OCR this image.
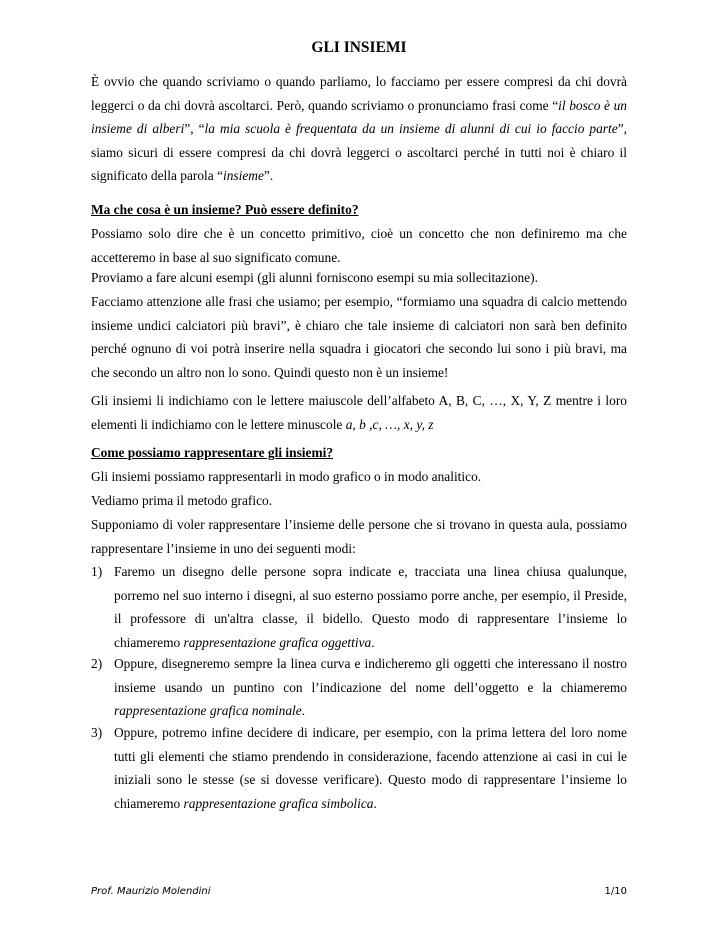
GLI INSIEMI
È ovvio che quando scriviamo o quando parliamo, lo facciamo per essere compresi da chi dovrà leggerci o da chi dovrà ascoltarci. Però, quando scriviamo o pronunciamo frasi come “il bosco è un insieme di alberi”, “la mia scuola è frequentata da un insieme di alunni di cui io faccio parte”, siamo sicuri di essere compresi da chi dovrà leggerci o ascoltarci perché in tutti noi è chiaro il significato della parola “insieme”.
Ma che cosa è un insieme? Può essere definito?
Possiamo solo dire che è un concetto primitivo, cioè un concetto che non definiremo ma che accetteremo in base al suo significato comune.
Proviamo a fare alcuni esempi (gli alunni forniscono esempi su mia sollecitazione).
Facciamo attenzione alle frasi che usiamo; per esempio, “formiamo una squadra di calcio mettendo insieme undici calciatori più bravi”, è chiaro che tale insieme di calciatori non sarà ben definito perché ognuno di voi potrà inserire nella squadra i giocatori che secondo lui sono i più bravi, ma che secondo un altro non lo sono. Quindi questo non è un insieme!
Gli insiemi li indichiamo con le lettere maiuscole dell’alfabeto A, B, C, …, X, Y, Z mentre i loro elementi li indichiamo con le lettere minuscole a, b ,c, …, x, y, z
Come possiamo rappresentare gli insiemi?
Gli insiemi possiamo rappresentarli in modo grafico o in modo analitico.
Vediamo prima il metodo grafico.
Supponiamo di voler rappresentare l’insieme delle persone che si trovano in questa aula, possiamo rappresentare l’insieme in uno dei seguenti modi:
1) Faremo un disegno delle persone sopra indicate e, tracciata una linea chiusa qualunque, porremo nel suo interno i disegni, al suo esterno possiamo porre anche, per esempio, il Preside, il professore di un'altra classe, il bidello. Questo modo di rappresentare l’insieme lo chiameremo rappresentazione grafica oggettiva.
2) Oppure, disegneremo sempre la linea curva e indicheremo gli oggetti che interessano il nostro insieme usando un puntino con l’indicazione del nome dell’oggetto e la chiameremo rappresentazione grafica nominale.
3) Oppure, potremo infine decidere di indicare, per esempio, con la prima lettera del loro nome tutti gli elementi che stiamo prendendo in considerazione, facendo attenzione ai casi in cui le iniziali sono le stesse (se si dovesse verificare). Questo modo di rappresentare l’insieme lo chiameremo rappresentazione grafica simbolica.
Prof. Maurizio Molendini	1/10
